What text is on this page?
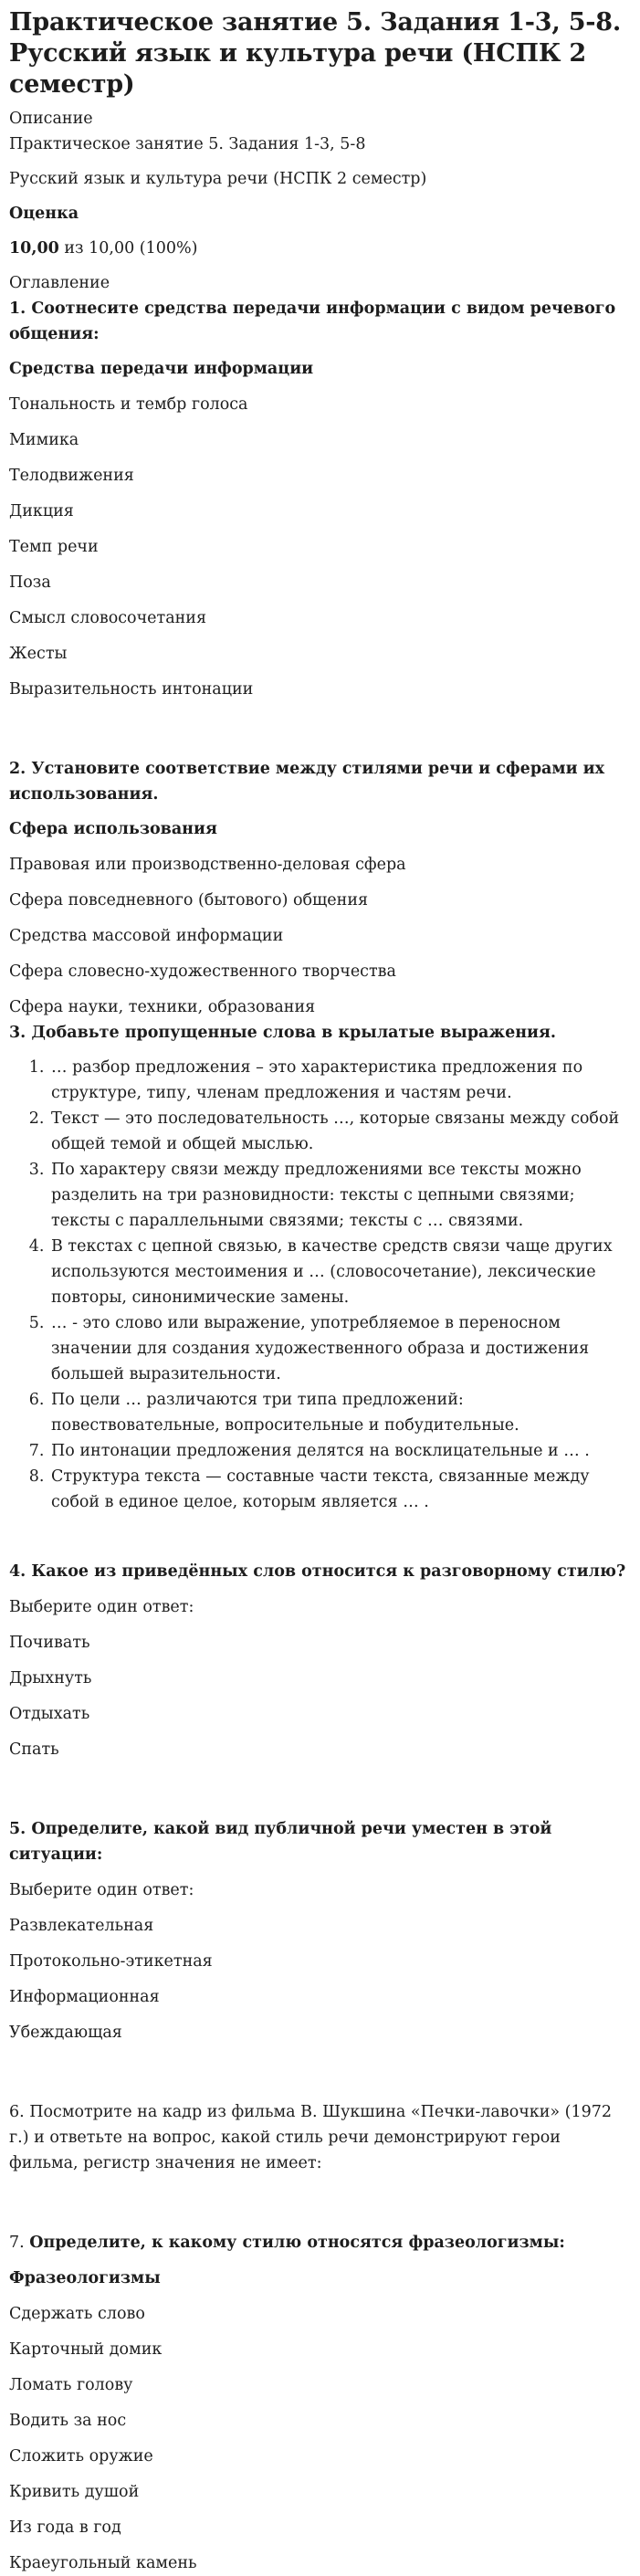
Практическое занятие 5. Задания 1-3, 5-8. Русский язык и культура речи (НСПК 2 семестр)
Описание
Практическое занятие 5. Задания 1-3, 5-8
Русский язык и культура речи (НСПК 2 семестр)
Оценка
10,00 из 10,00 (100%)
Оглавление
1. Соотнесите средства передачи информации с видом речевого общения:
Средства передачи информации
Тональность и тембр голоса
Мимика
Телодвижения
Дикция
Темп речи
Поза
Смысл словосочетания
Жесты
Выразительность интонации
2. Установите соответствие между стилями речи и сферами их использования.
Сфера использования
Правовая или производственно-деловая сфера
Сфера повседневного (бытового) общения
Средства массовой информации
Сфера словесно-художественного творчества
Сфера науки, техники, образования
3. Добавьте пропущенные слова в крылатые выражения.
1. … разбор предложения – это характеристика предложения по структуре, типу, членам предложения и частям речи.
2. Текст — это последовательность …, которые связаны между собой общей темой и общей мыслью.
3. По характеру связи между предложениями все тексты можно разделить на три разновидности: тексты с цепными связями; тексты с параллельными связями; тексты с … связями.
4. В текстах с цепной связью, в качестве средств связи чаще других используются местоимения и … (словосочетание), лексические повторы, синонимические замены.
5. … - это слово или выражение, употребляемое в переносном значении для создания художественного образа и достижения большей выразительности.
6. По цели … различаются три типа предложений: повествовательные, вопросительные и побудительные.
7. По интонации предложения делятся на восклицательные и … .
8. Структура текста — составные части текста, связанные между собой в единое целое, которым является … .
4. Какое из приведённых слов относится к разговорному стилю?
Выберите один ответ:
Почивать
Дрыхнуть
Отдыхать
Спать
5. Определите, какой вид публичной речи уместен в этой ситуации:
Выберите один ответ:
Развлекательная
Протокольно-этикетная
Информационная
Убеждающая
6. Посмотрите на кадр из фильма В. Шукшина «Печки-лавочки» (1972 г.) и ответьте на вопрос, какой стиль речи демонстрируют герои фильма, регистр значения не имеет:
7. Определите, к какому стилю относятся фразеологизмы:
Фразеологизмы
Сдержать слово
Карточный домик
Ломать голову
Водить за нос
Сложить оружие
Кривить душой
Из года в год
Краеугольный камень
